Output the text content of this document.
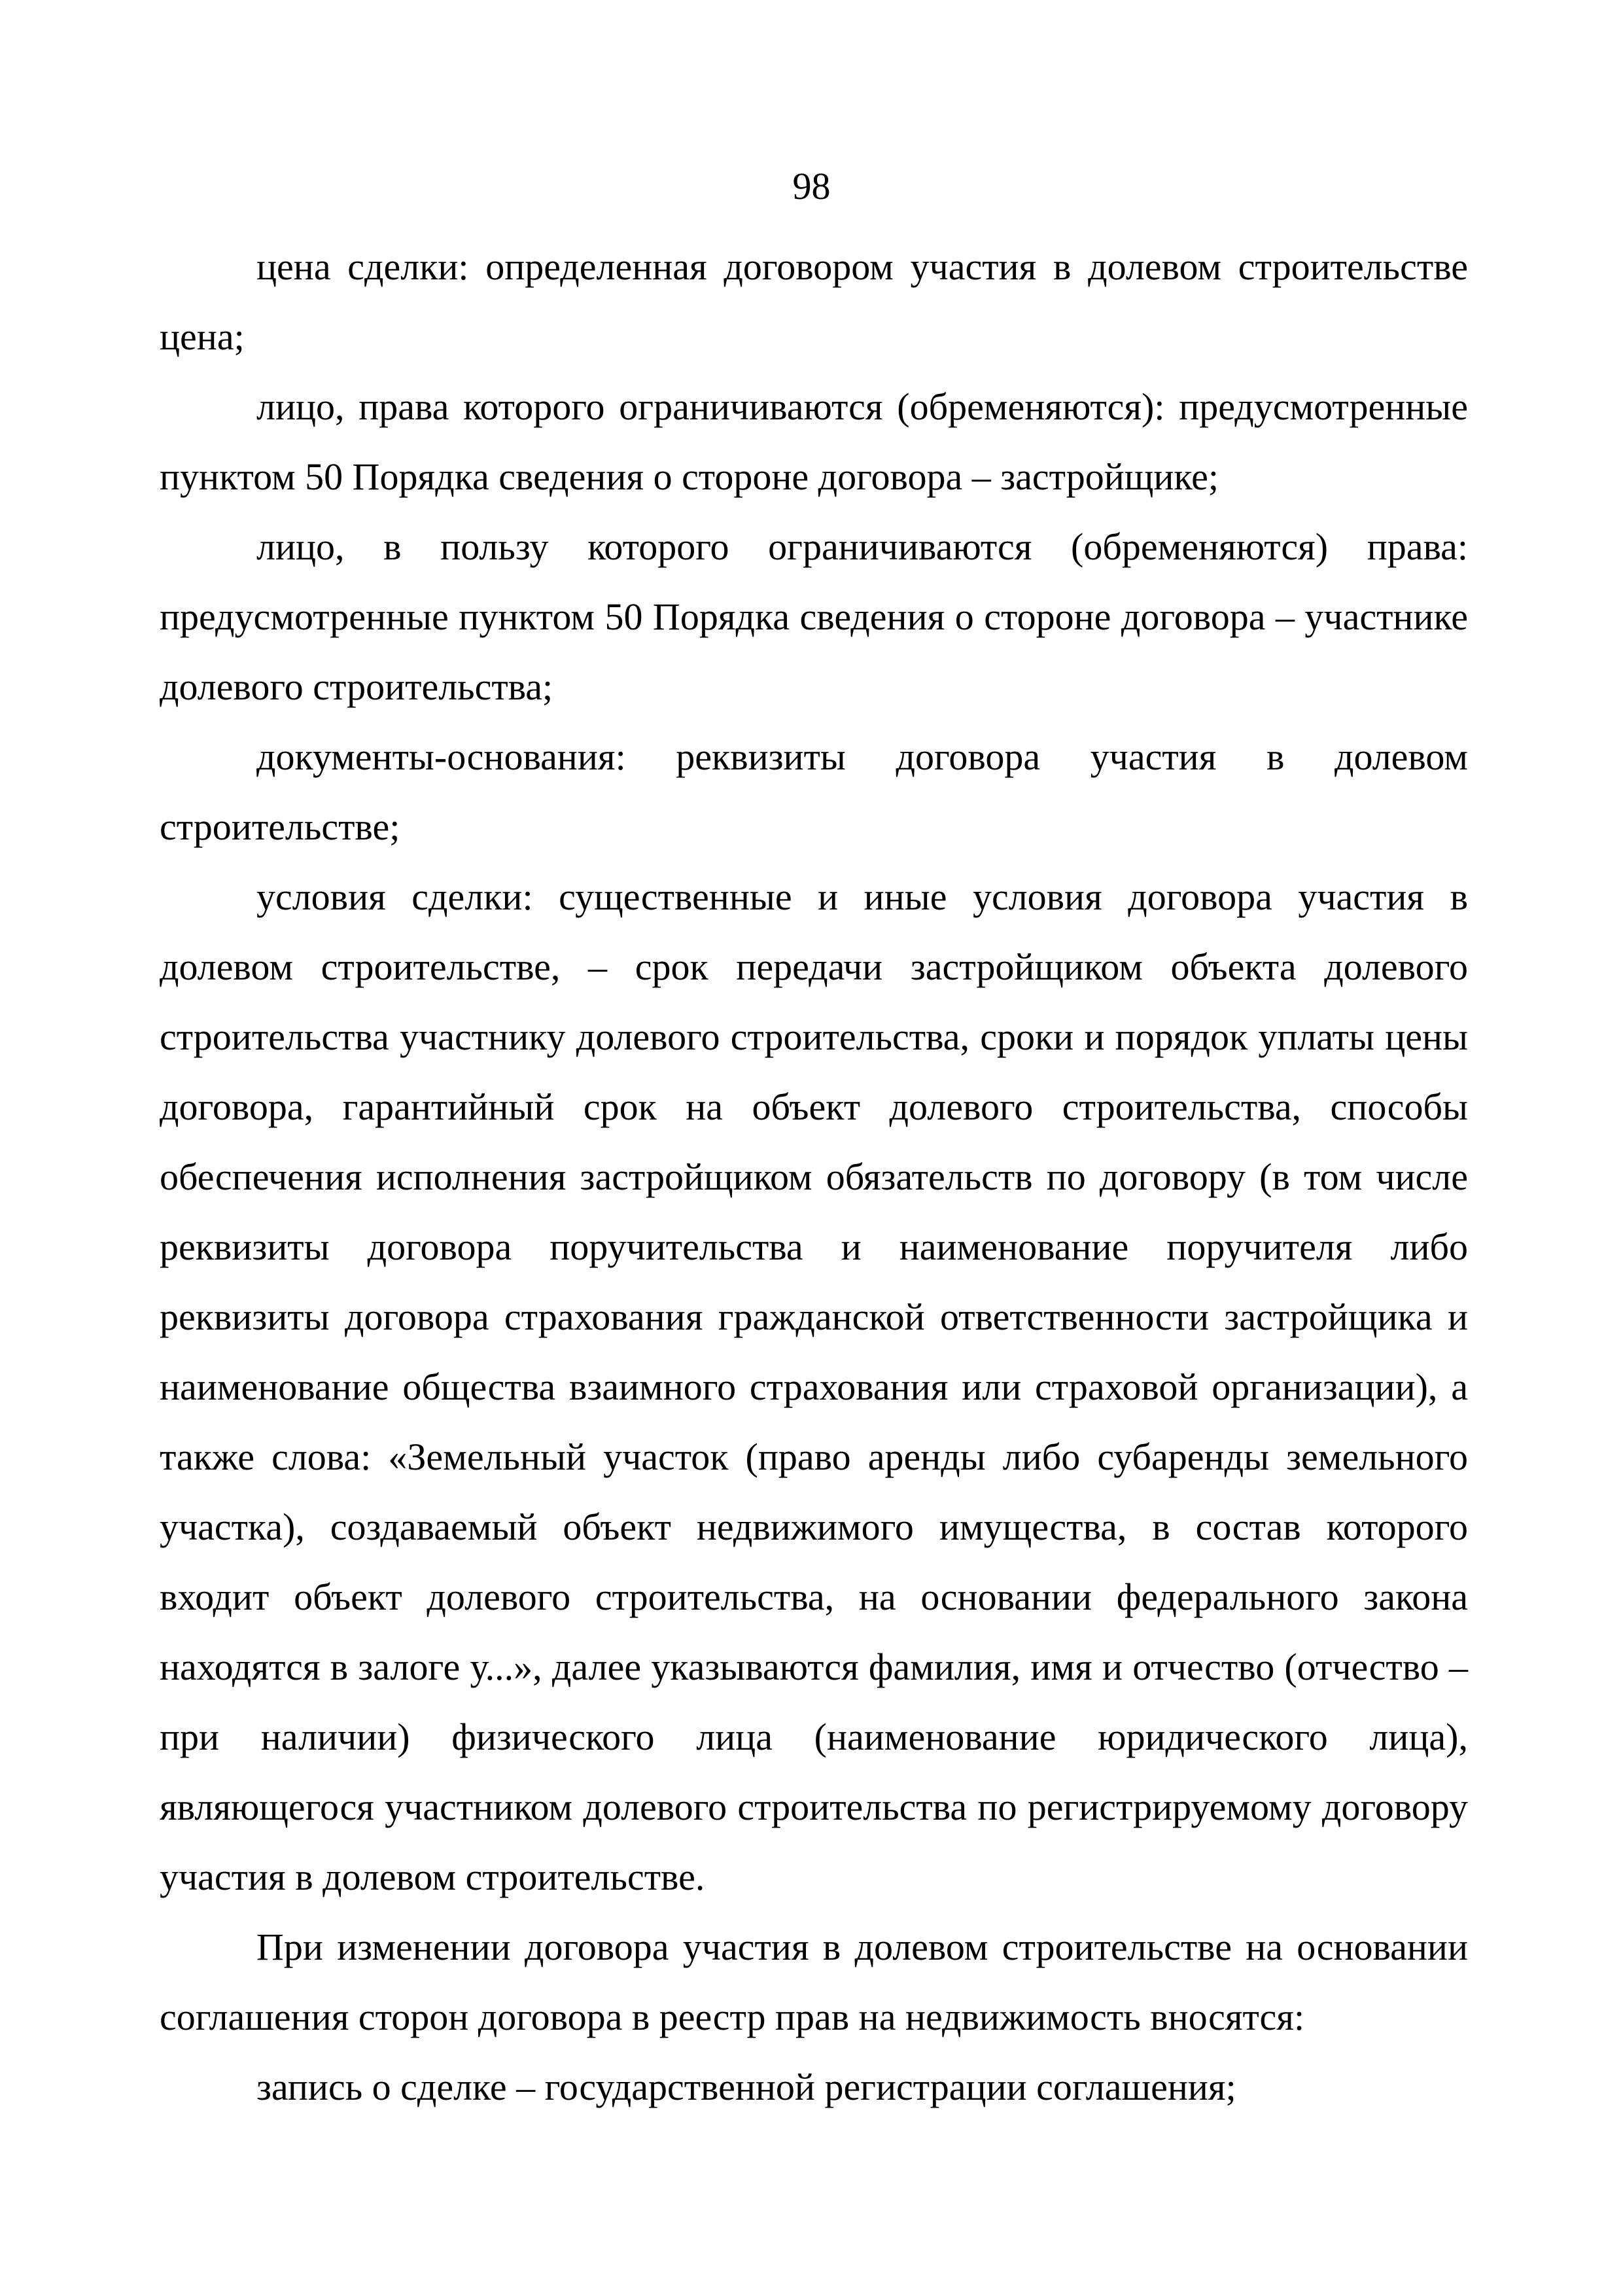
98

цена сделки: определенная договором участия в долевом строительстве цена;

лицо, права которого ограничиваются (обременяются): предусмотренные пунктом 50 Порядка сведения о стороне договора – застройщике;

лицо, в пользу которого ограничиваются (обременяются) права: предусмотренные пунктом 50 Порядка сведения о стороне договора – участнике долевого строительства;

документы-основания: реквизиты договора участия в долевом строительстве;

условия сделки: существенные и иные условия договора участия в долевом строительстве, – срок передачи застройщиком объекта долевого строительства участнику долевого строительства, сроки и порядок уплаты цены договора, гарантийный срок на объект долевого строительства, способы обеспечения исполнения застройщиком обязательств по договору (в том числе реквизиты договора поручительства и наименование поручителя либо реквизиты договора страхования гражданской ответственности застройщика и наименование общества взаимного страхования или страховой организации), а также слова: «Земельный участок (право аренды либо субаренды земельного участка), создаваемый объект недвижимого имущества, в состав которого входит объект долевого строительства, на основании федерального закона находятся в залоге у...», далее указываются фамилия, имя и отчество (отчество – при наличии) физического лица (наименование юридического лица), являющегося участником долевого строительства по регистрируемому договору участия в долевом строительстве.

При изменении договора участия в долевом строительстве на основании соглашения сторон договора в реестр прав на недвижимость вносятся:

запись о сделке – государственной регистрации соглашения;
